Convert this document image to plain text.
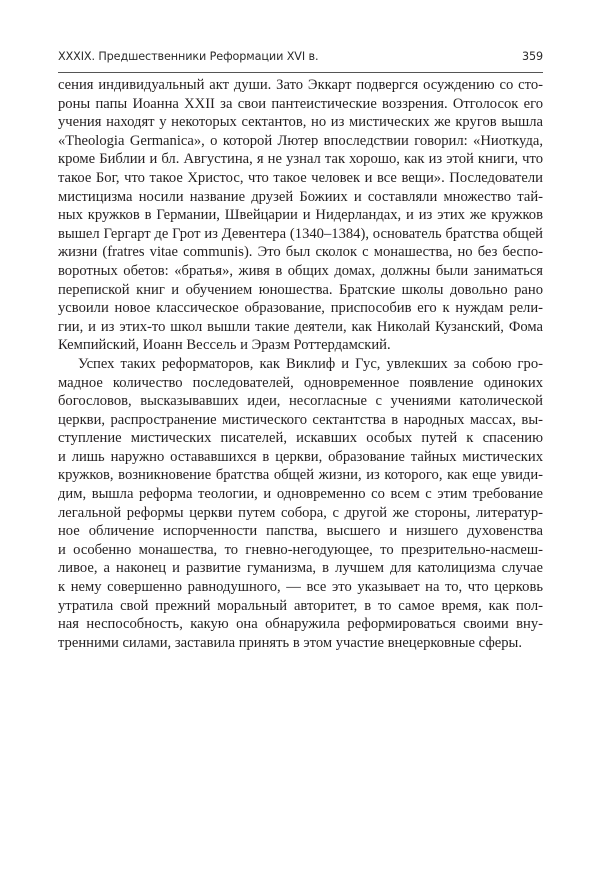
XXXIX. Предшественники Реформации XVI в.	359
сения индивидуальный акт души. Зато Эккарт подвергся осуждению со сто-
роны папы Иоанна XXII за свои пантеистические воззрения. Отголосок его
учения находят у некоторых сектантов, но из мистических же кругов вышла
«Theologia Germanica», о которой Лютер впоследствии говорил: «Ниоткуда,
кроме Библии и бл. Августина, я не узнал так хорошо, как из этой книги, что
такое Бог, что такое Христос, что такое человек и все вещи». Последователи
мистицизма носили название друзей Божиих и составляли множество тай-
ных кружков в Германии, Швейцарии и Нидерландах, и из этих же кружков
вышел Гергарт де Грот из Девентера (1340–1384), основатель братства общей
жизни (fratres vitae communis). Это был сколок с монашества, но без беспо-
воротных обетов: «братья», живя в общих домах, должны были заниматься
перепиской книг и обучением юношества. Братские школы довольно рано
усвоили новое классическое образование, приспособив его к нуждам рели-
гии, и из этих-то школ вышли такие деятели, как Николай Кузанский, Фома
Кемпийский, Иоанн Вессель и Эразм Роттердамский.
Успех таких реформаторов, как Виклиф и Гус, увлекших за собою гро-
мадное количество последователей, одновременное появление одиноких
богословов, высказывавших идеи, несогласные с учениями католической
церкви, распространение мистического сектантства в народных массах, вы-
ступление мистических писателей, искавших особых путей к спасению
и лишь наружно остававшихся в церкви, образование тайных мистических
кружков, возникновение братства общей жизни, из которого, как еще увиди-
дим, вышла реформа теологии, и одновременно со всем с этим требование
легальной реформы церкви путем собора, с другой же стороны, литератур-
ное обличение испорченности папства, высшего и низшего духовенства
и особенно монашества, то гневно-негодующее, то презрительно-насмеш-
ливое, а наконец и развитие гуманизма, в лучшем для католицизма случае
к нему совершенно равнодушного, — все это указывает на то, что церковь
утратила свой прежний моральный авторитет, в то самое время, как пол-
ная неспособность, какую она обнаружила реформироваться своими вну-
тренними силами, заставила принять в этом участие внецерковные сферы.
